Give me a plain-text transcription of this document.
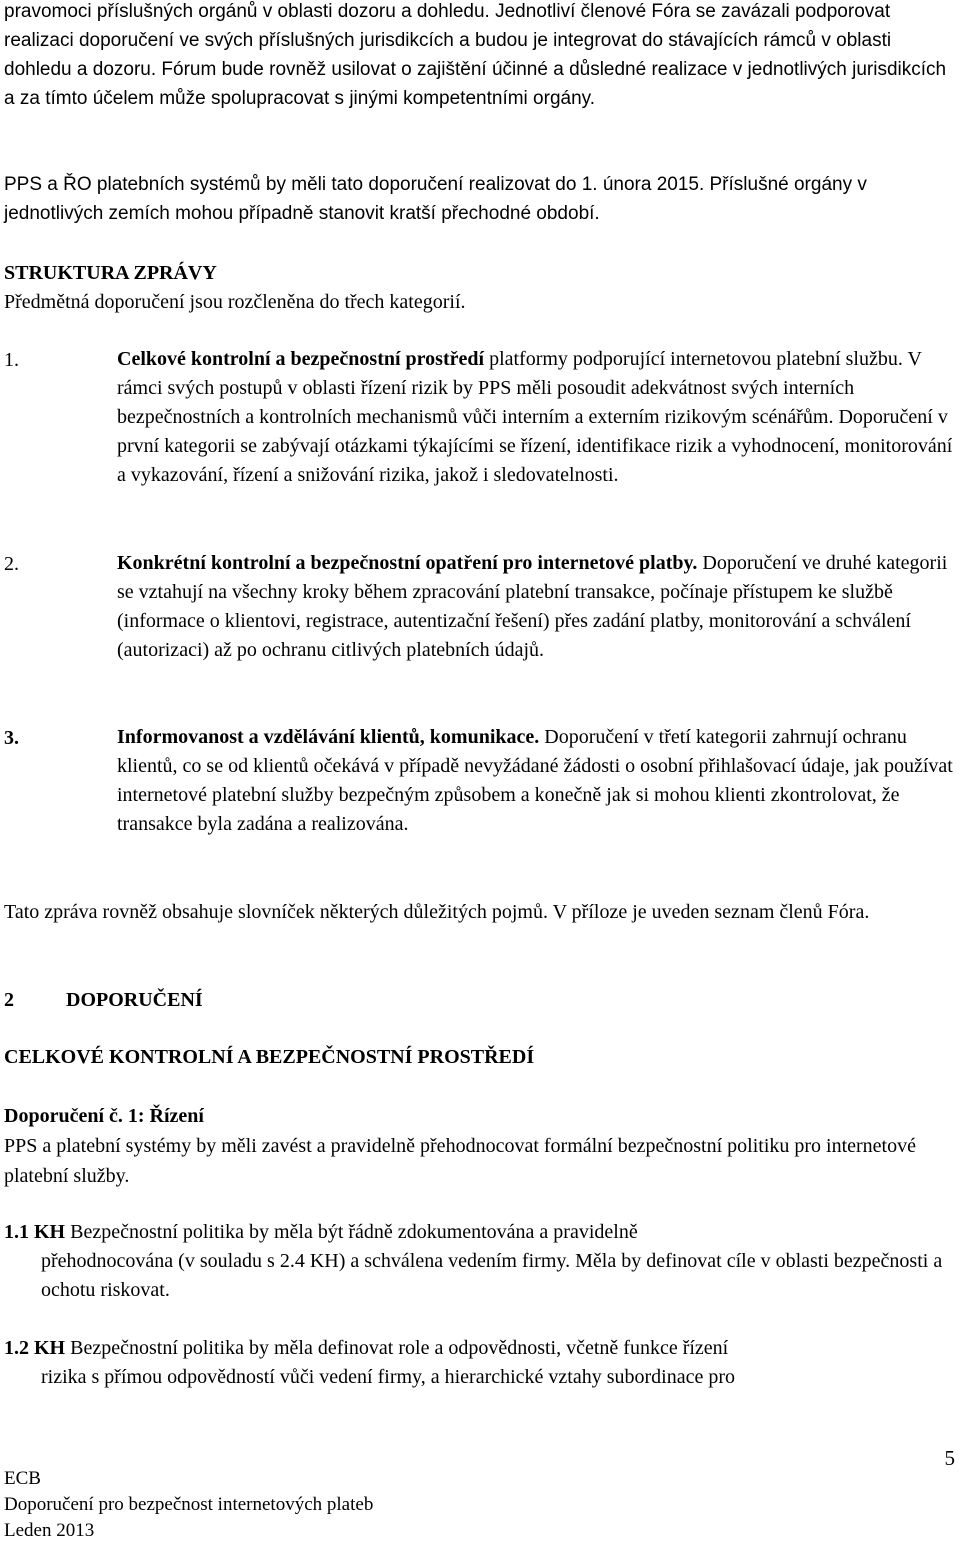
pravomoci příslušných orgánů v oblasti dozoru a dohledu. Jednotliví členové Fóra se zavázali podporovat realizaci doporučení ve svých příslušných jurisdikcích a budou je integrovat do stávajících rámců v oblasti dohledu a dozoru. Fórum bude rovněž usilovat o zajištění účinné a důsledné realizace v jednotlivých jurisdikcích a za tímto účelem může spolupracovat s jinými kompetentními orgány.

PPS a ŘO platebních systémů by měli tato doporučení realizovat do 1. února 2015. Příslušné orgány v jednotlivých zemích mohou případně stanovit kratší přechodné období.

STRUKTURA ZPRÁVY

Předmětná doporučení jsou rozčleněna do třech kategorií.

1.	Celkové kontrolní a bezpečnostní prostředí platformy podporující internetovou platební službu. V rámci svých postupů v oblasti řízení rizik by PPS měli posoudit adekvátnost svých interních bezpečnostních a kontrolních mechanismů vůči interním a externím rizikovým scénářům. Doporučení v první kategorii se zabývají otázkami týkajícími se řízení, identifikace rizik a vyhodnocení, monitorování a vykazování, řízení a snižování rizika, jakož i sledovatelnosti.

2.	Konkrétní kontrolní a bezpečnostní opatření pro internetové platby. Doporučení ve druhé kategorii se vztahují na všechny kroky během zpracování platební transakce, počínaje přístupem ke službě (informace o klientovi, registrace, autentizační řešení) přes zadání platby, monitorování a schválení (autorizaci) až po ochranu citlivých platebních údajů.

3.	Informovanost a vzdělávání klientů, komunikace. Doporučení v třetí kategorii zahrnují ochranu klientů, co se od klientů očekává v případě nevyžádané žádosti o osobní přihlašovací údaje, jak používat internetové platební služby bezpečným způsobem a konečně jak si mohou klienti zkontrolovat, že transakce byla zadána a realizována.

Tato zpráva rovněž obsahuje slovníček některých důležitých pojmů. V příloze je uveden seznam členů Fóra.

2	DOPORUČENÍ

CELKOVÉ KONTROLNÍ A BEZPEČNOSTNÍ PROSTŘEDÍ

Doporučení č. 1: Řízení

PPS a platební systémy by měli zavést a pravidelně přehodnocovat formální bezpečnostní politiku pro internetové platební služby.

1.1 KH Bezpečnostní politika by měla být řádně zdokumentována a pravidelně
přehodnocována (v souladu s 2.4 KH) a schválena vedením firmy. Měla by definovat cíle v oblasti bezpečnosti a ochotu riskovat.
1.2 KH Bezpečnostní politika by měla definovat role a odpovědnosti, včetně funkce řízení
rizika s přímou odpovědností vůči vedení firmy, a hierarchické vztahy subordinace pro
ECB
Doporučení pro bezpečnost internetových plateb
Leden 2013
5
